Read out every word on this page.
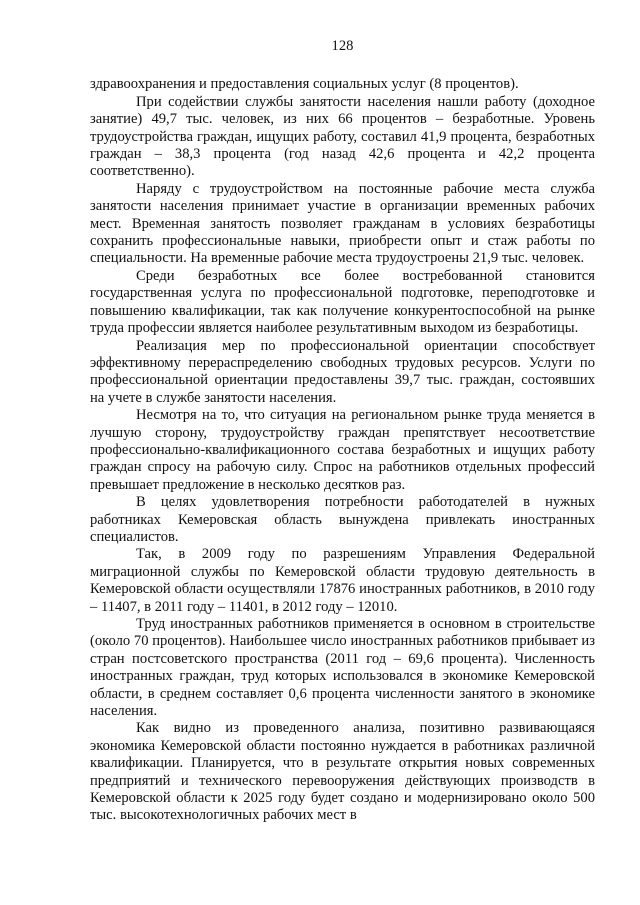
128

здравоохранения и предоставления социальных услуг (8 процентов).

При содействии службы занятости населения нашли работу (доходное занятие) 49,7 тыс. человек, из них 66 процентов – безработные. Уровень трудоустройства граждан, ищущих работу, составил 41,9 процента, безработных граждан – 38,3 процента (год назад 42,6 процента и 42,2 процента соответственно).

Наряду с трудоустройством на постоянные рабочие места служба занятости населения принимает участие в организации временных рабочих мест. Временная занятость позволяет гражданам в условиях безработицы сохранить профессиональные навыки, приобрести опыт и стаж работы по специальности. На временные рабочие места трудоустроены 21,9 тыс. человек.

Среди безработных все более востребованной становится государственная услуга по профессиональной подготовке, переподготовке и повышению квалификации, так как получение конкурентоспособной на рынке труда профессии является наиболее результативным выходом из безработицы.

Реализация мер по профессиональной ориентации способствует эффективному перераспределению свободных трудовых ресурсов. Услуги по профессиональной ориентации предоставлены 39,7 тыс. граждан, состоявших на учете в службе занятости населения.

Несмотря на то, что ситуация на региональном рынке труда меняется в лучшую сторону, трудоустройству граждан препятствует несоответствие профессионально-квалификационного состава безработных и ищущих работу граждан спросу на рабочую силу. Спрос на работников отдельных профессий превышает предложение в несколько десятков раз.

В целях удовлетворения потребности работодателей в нужных работниках Кемеровская область вынуждена привлекать иностранных специалистов.

Так, в 2009 году по разрешениям Управления Федеральной миграционной службы по Кемеровской области трудовую деятельность в Кемеровской области осуществляли 17876 иностранных работников, в 2010 году – 11407, в 2011 году – 11401, в 2012 году – 12010.

Труд иностранных работников применяется в основном в строительстве (около 70 процентов). Наибольшее число иностранных работников прибывает из стран постсоветского пространства (2011 год – 69,6 процента). Численность иностранных граждан, труд которых использовался в экономике Кемеровской области, в среднем составляет 0,6 процента численности занятого в экономике населения.

Как видно из проведенного анализа, позитивно развивающаяся экономика Кемеровской области постоянно нуждается в работниках различной квалификации. Планируется, что в результате открытия новых современных предприятий и технического перевооружения действующих производств в Кемеровской области к 2025 году будет создано и модернизировано около 500 тыс. высокотехнологичных рабочих мест в
